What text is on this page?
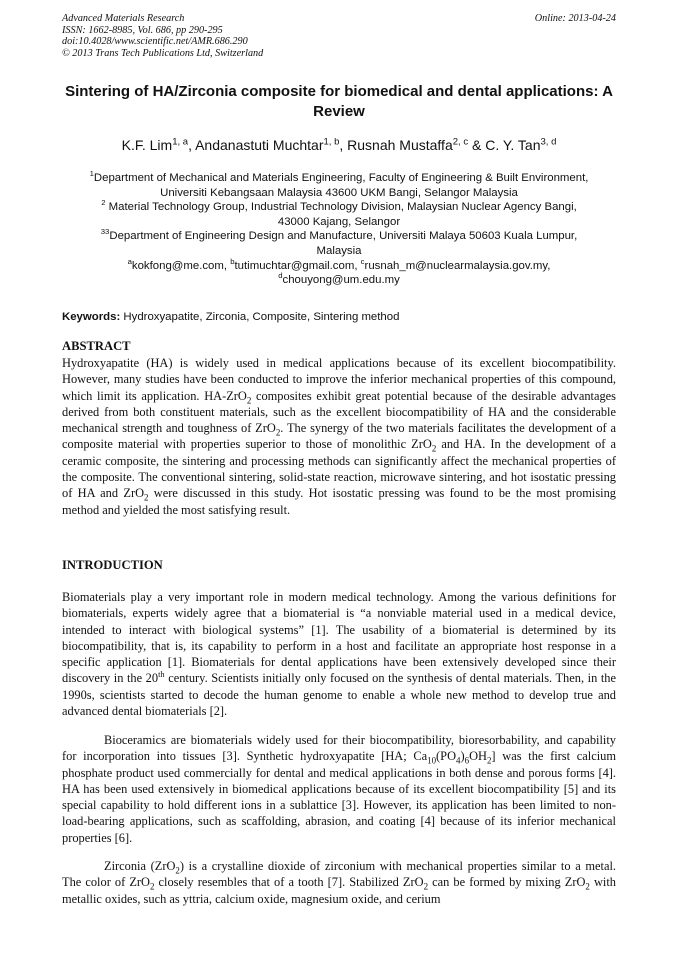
Advanced Materials Research
ISSN: 1662-8985, Vol. 686, pp 290-295
doi:10.4028/www.scientific.net/AMR.686.290
© 2013 Trans Tech Publications Ltd, Switzerland
Online: 2013-04-24
Sintering of HA/Zirconia composite for biomedical and dental applications: A Review
K.F. Lim$^{1, a}$, Andanastuti Muchtar$^{1, b}$, Rusnah Mustaffa$^{2, c}$ & C. Y. Tan$^{3, d}$
$^1$Department of Mechanical and Materials Engineering, Faculty of Engineering & Built Environment,
Universiti Kebangsaan Malaysia 43600 UKM Bangi, Selangor Malaysia
$^2$ Material Technology Group, Industrial Technology Division, Malaysian Nuclear Agency Bangi,
43000 Kajang, Selangor
$^{33}$Department of Engineering Design and Manufacture, Universiti Malaya 50603 Kuala Lumpur,
Malaysia
$^a$kokfong@me.com, $^b$tutimuchtar@gmail.com, $^c$rusnah_m@nuclearmalaysia.gov.my,
$^d$chouyong@um.edu.my
Keywords: Hydroxyapatite, Zirconia, Composite, Sintering method
ABSTRACT
Hydroxyapatite (HA) is widely used in medical applications because of its excellent biocompatibility. However, many studies have been conducted to improve the inferior mechanical properties of this compound, which limit its application. HA-ZrO$_2$ composites exhibit great potential because of the desirable advantages derived from both constituent materials, such as the excellent biocompatibility of HA and the considerable mechanical strength and toughness of ZrO$_2$. The synergy of the two materials facilitates the development of a composite material with properties superior to those of monolithic ZrO$_2$ and HA. In the development of a ceramic composite, the sintering and processing methods can significantly affect the mechanical properties of the composite. The conventional sintering, solid-state reaction, microwave sintering, and hot isostatic pressing of HA and ZrO$_2$ were discussed in this study. Hot isostatic pressing was found to be the most promising method and yielded the most satisfying result.
INTRODUCTION
Biomaterials play a very important role in modern medical technology. Among the various definitions for biomaterials, experts widely agree that a biomaterial is “a nonviable material used in a medical device, intended to interact with biological systems” [1]. The usability of a biomaterial is determined by its biocompatibility, that is, its capability to perform in a host and facilitate an appropriate host response in a specific application [1]. Biomaterials for dental applications have been extensively developed since their discovery in the 20th century. Scientists initially only focused on the synthesis of dental materials. Then, in the 1990s, scientists started to decode the human genome to enable a whole new method to develop true and advanced dental biomaterials [2].
Bioceramics are biomaterials widely used for their biocompatibility, bioresorbability, and capability for incorporation into tissues [3]. Synthetic hydroxyapatite [HA; $Ca_{10}(PO_4)_6OH_2$] was the first calcium phosphate product used commercially for dental and medical applications in both dense and porous forms [4]. HA has been used extensively in biomedical applications because of its excellent biocompatibility [5] and its special capability to hold different ions in a sublattice [3]. However, its application has been limited to non-load-bearing applications, such as scaffolding, abrasion, and coating [4] because of its inferior mechanical properties [6].
Zirconia (ZrO$_2$) is a crystalline dioxide of zirconium with mechanical properties similar to a metal. The color of ZrO$_2$ closely resembles that of a tooth [7]. Stabilized ZrO$_2$ can be formed by mixing ZrO$_2$ with metallic oxides, such as yttria, calcium oxide, magnesium oxide, and cerium
